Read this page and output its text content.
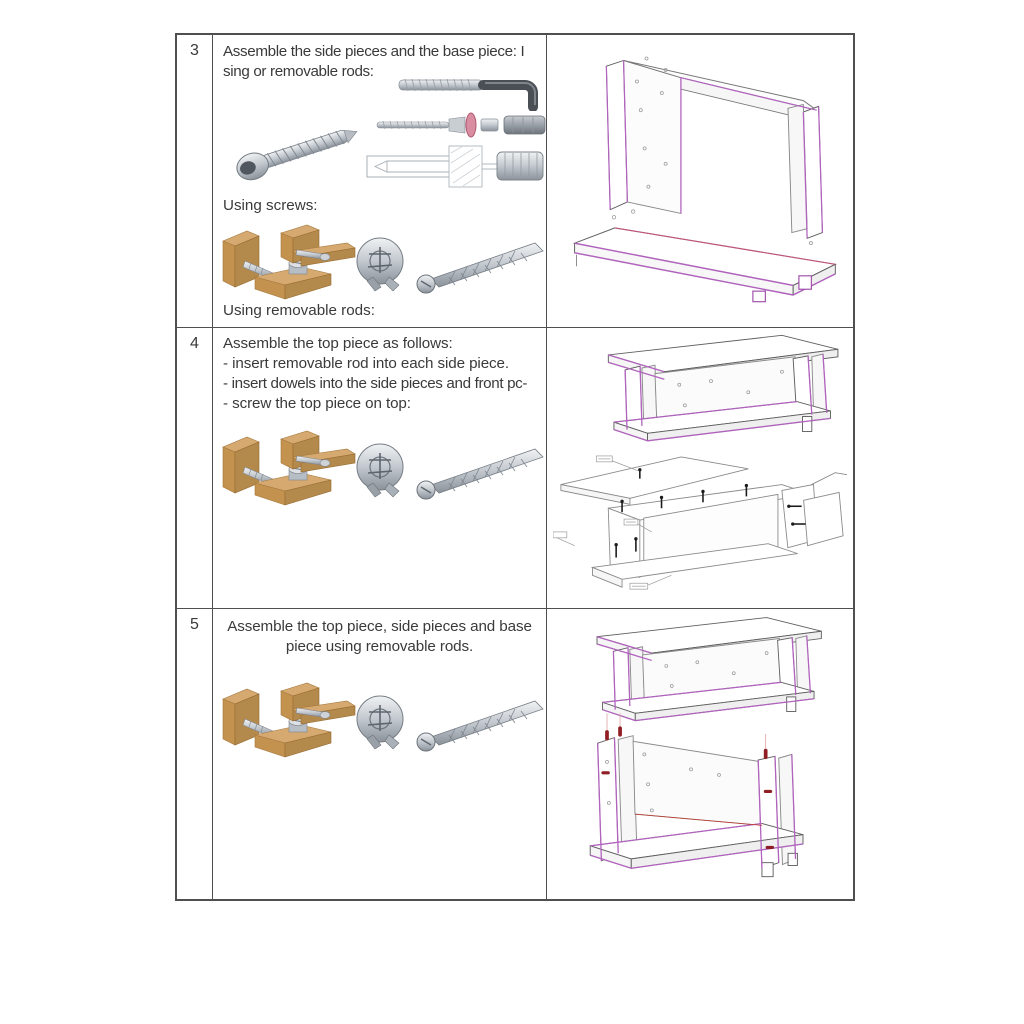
3	Assemble the side pieces and the base piece: I sing or removable rods:
Using screws:
Using removable rods:
4	Assemble the top piece as follows:
- insert removable rod into each side piece.
- insert dowels into the side pieces and front pc-
- screw the top piece on top:
5	Assemble the top piece, side pieces and base
piece using removable rods.
